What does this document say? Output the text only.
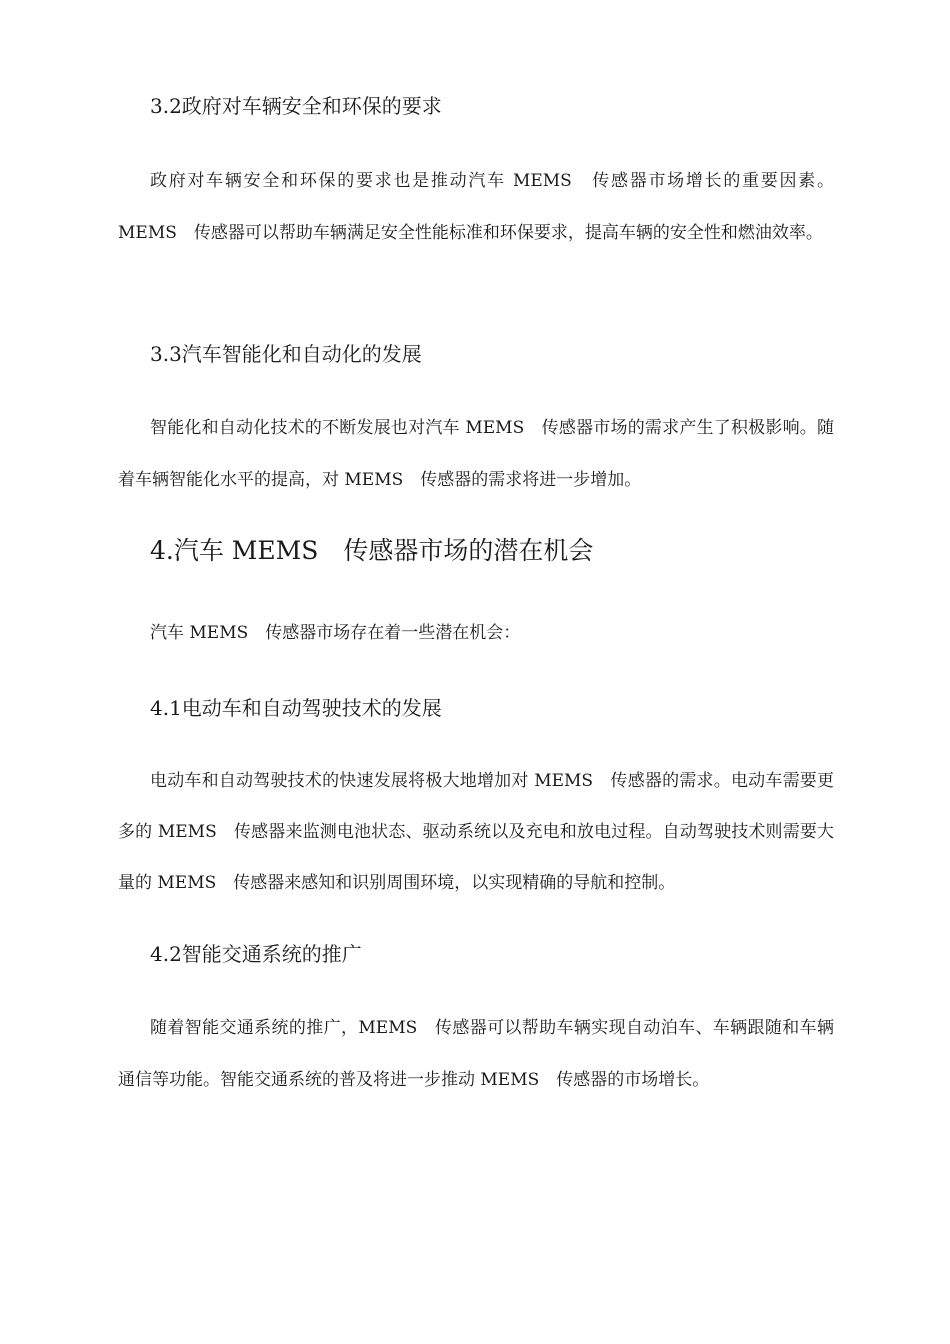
3.2政府对车辆安全和环保的要求
政府对车辆安全和环保的要求也是推动汽车 MEMS　传感器市场增长的重要因素。MEMS　传感器可以帮助车辆满足安全性能标准和环保要求，提高车辆的安全性和燃油效率。
3.3汽车智能化和自动化的发展
智能化和自动化技术的不断发展也对汽车 MEMS　传感器市场的需求产生了积极影响。随着车辆智能化水平的提高，对 MEMS　传感器的需求将进一步增加。
4.汽车 MEMS　传感器市场的潜在机会
汽车 MEMS　传感器市场存在着一些潜在机会：
4.1电动车和自动驾驶技术的发展
电动车和自动驾驶技术的快速发展将极大地增加对 MEMS　传感器的需求。电动车需要更多的 MEMS　传感器来监测电池状态、驱动系统以及充电和放电过程。自动驾驶技术则需要大量的 MEMS　传感器来感知和识别周围环境，以实现精确的导航和控制。
4.2智能交通系统的推广
随着智能交通系统的推广，MEMS　传感器可以帮助车辆实现自动泊车、车辆跟随和车辆通信等功能。智能交通系统的普及将进一步推动 MEMS　传感器的市场增长。
